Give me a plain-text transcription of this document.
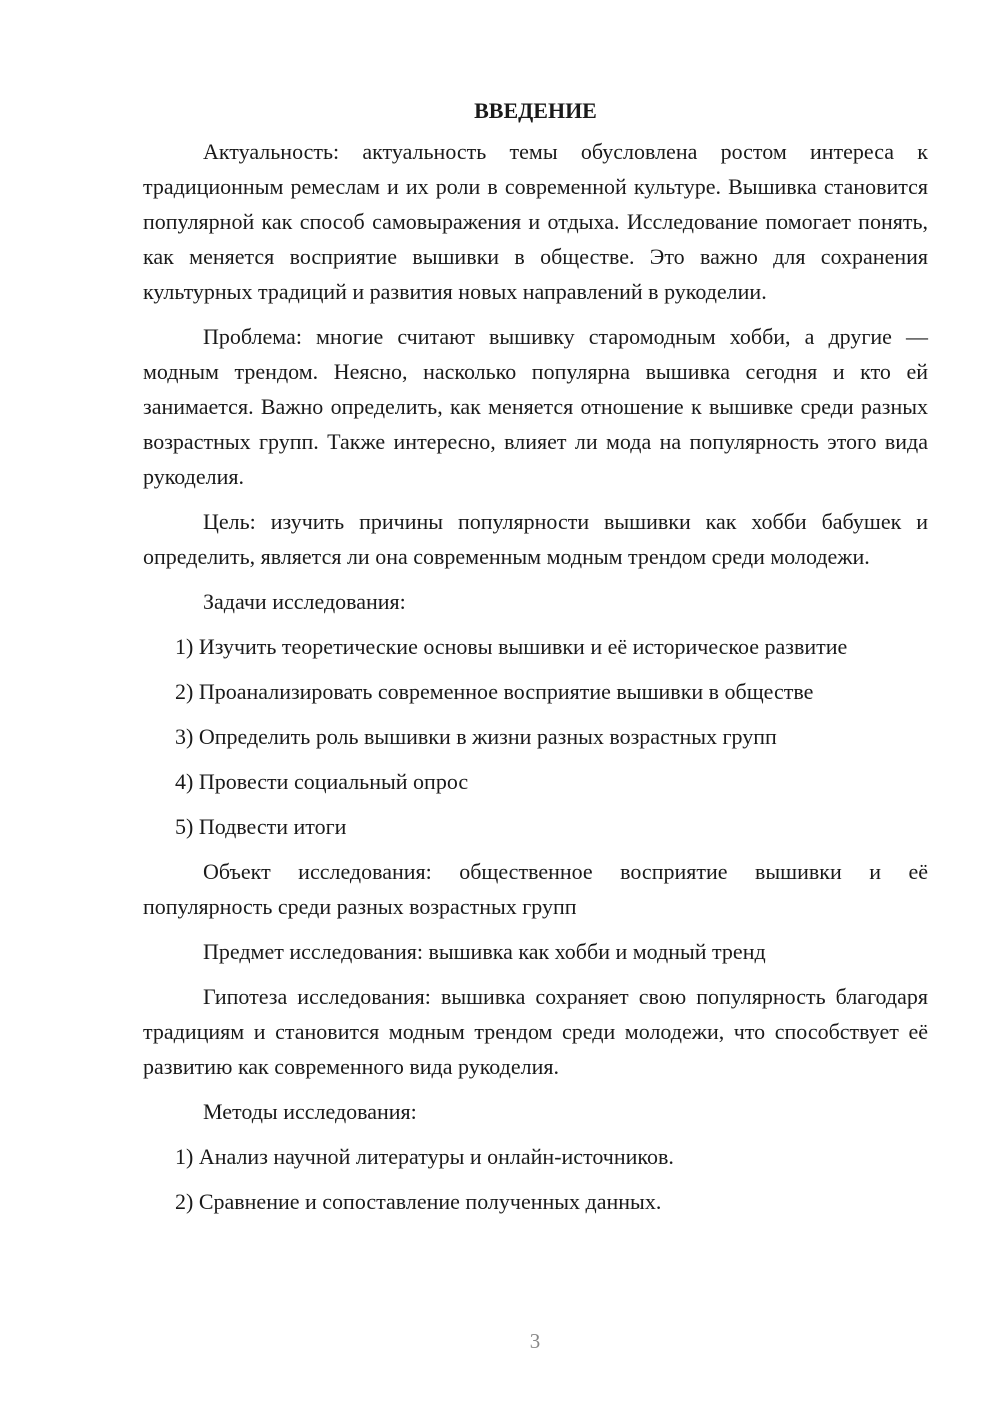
ВВЕДЕНИЕ

Актуальность: актуальность темы обусловлена ростом интереса к традиционным ремеслам и их роли в современной культуре. Вышивка становится популярной как способ самовыражения и отдыха. Исследование помогает понять, как меняется восприятие вышивки в обществе. Это важно для сохранения культурных традиций и развития новых направлений в рукоделии.

Проблема: многие считают вышивку старомодным хобби, а другие — модным трендом. Неясно, насколько популярна вышивка сегодня и кто ей занимается. Важно определить, как меняется отношение к вышивке среди разных возрастных групп. Также интересно, влияет ли мода на популярность этого вида рукоделия.

Цель: изучить причины популярности вышивки как хобби бабушек и определить, является ли она современным модным трендом среди молодежи.

Задачи исследования:
1) Изучить теоретические основы вышивки и её историческое развитие
2) Проанализировать современное восприятие вышивки в обществе
3) Определить роль вышивки в жизни разных возрастных групп
4) Провести социальный опрос
5) Подвести итоги

Объект исследования: общественное восприятие вышивки и её популярность среди разных возрастных групп

Предмет исследования: вышивка как хобби и модный тренд

Гипотеза исследования: вышивка сохраняет свою популярность благодаря традициям и становится модным трендом среди молодежи, что способствует её развитию как современного вида рукоделия.

Методы исследования:
1) Анализ научной литературы и онлайн-источников.
2) Сравнение и сопоставление полученных данных.
3
